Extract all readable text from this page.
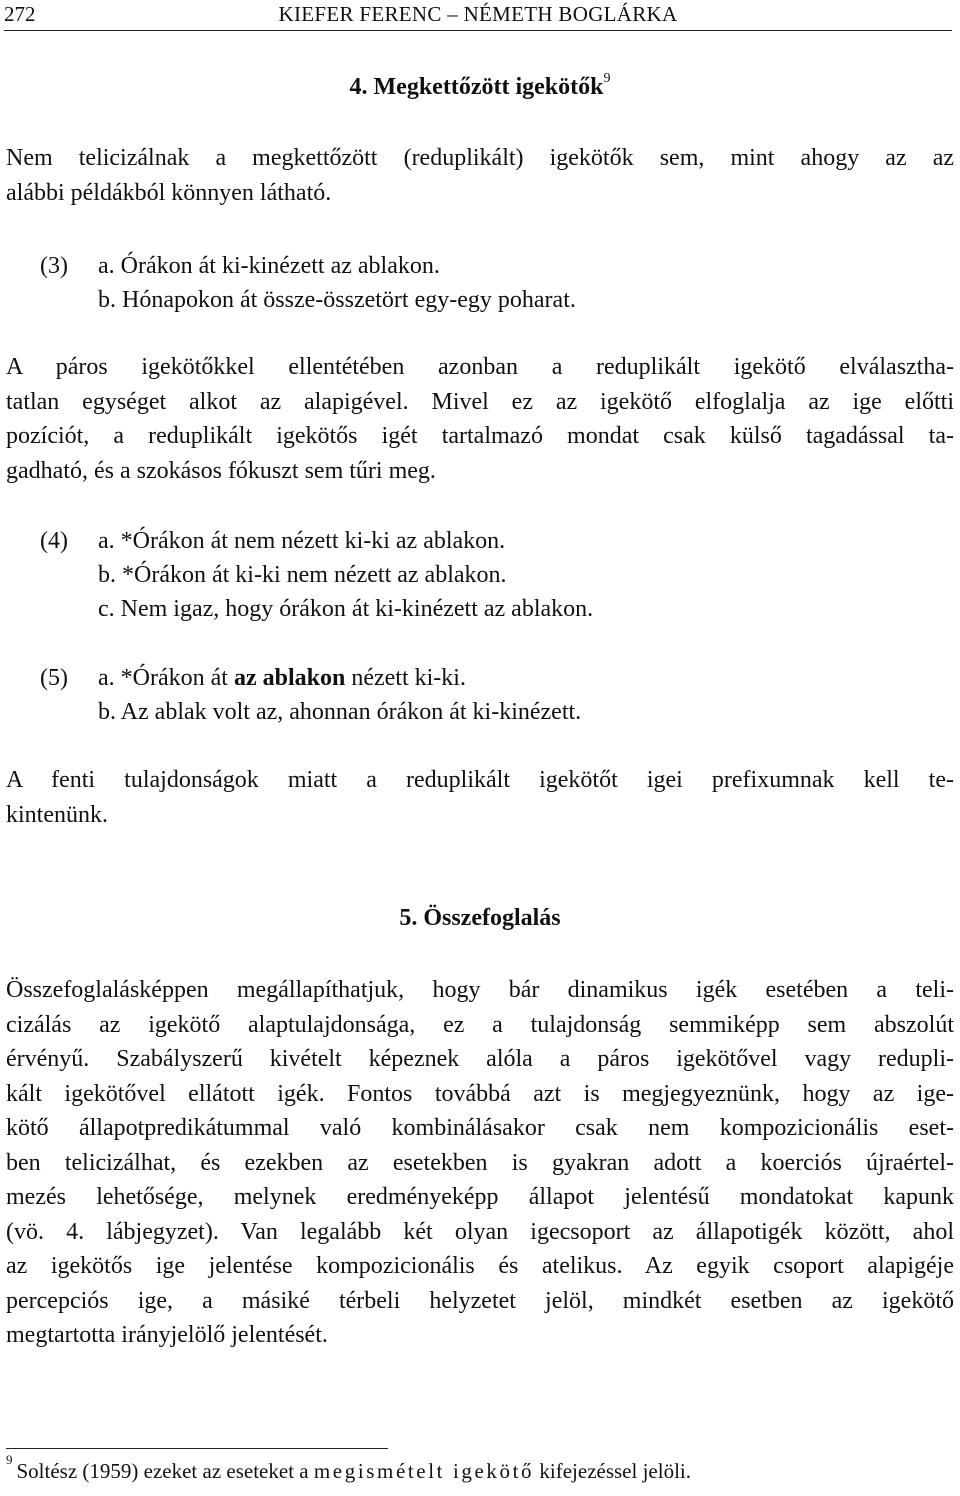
272	KIEFER FERENC – NÉMETH BOGLÁRKA
4. Megkettőzött igekötők$^9$
Nem telicizálnak a megkettőzött (reduplikált) igekötők sem, mint ahogy az az
alábbi példákból könnyen látható.
(3) a. Órákon át ki-kinézett az ablakon.
b. Hónapokon át össze-összetört egy-egy poharat.
A páros igekötőkkel ellentétében azonban a reduplikált igekötő elválasztha-
tatlan egységet alkot az alapigével. Mivel ez az igekötő elfoglalja az ige előtti
pozíciót, a reduplikált igekötős igét tartalmazó mondat csak külső tagadással ta-
gadható, és a szokásos fókuszt sem tűri meg.
(4) a. *Órákon át nem nézett ki-ki az ablakon.
b. *Órákon át ki-ki nem nézett az ablakon.
c. Nem igaz, hogy órákon át ki-kinézett az ablakon.
(5) a. *Órákon át az ablakon nézett ki-ki.
b. Az ablak volt az, ahonnan órákon át ki-kinézett.
A fenti tulajdonságok miatt a reduplikált igekötőt igei prefixumnak kell te-
kintenünk.
5. Összefoglalás
Összefoglalásképpen megállapíthatjuk, hogy bár dinamikus igék esetében a teli-
cizálás az igekötő alaptulajdonsága, ez a tulajdonság semmiképp sem abszolút
érvényű. Szabályszerű kivételt képeznek alóla a páros igekötővel vagy redupli-
kált igekötővel ellátott igék. Fontos továbbá azt is megjegyeznünk, hogy az ige-
kötő állapotpredikátummal való kombinálásakor csak nem kompozicionális eset-
ben telicizálhat, és ezekben az esetekben is gyakran adott a koerciós újraértel-
mezés lehetősége, melynek eredményeképp állapot jelentésű mondatokat kapunk
(vö. 4. lábjegyzet). Van legalább két olyan igecsoport az állapotigék között, ahol
az igekötős ige jelentése kompozicionális és atelikus. Az egyik csoport alapigéje
percepciós ige, a másiké térbeli helyzetet jelöl, mindkét esetben az igekötő
megtartotta irányjelölő jelentését.
$^9$ Soltész (1959) ezeket az eseteket a megismételt igekötő kifejezéssel jelöli.
